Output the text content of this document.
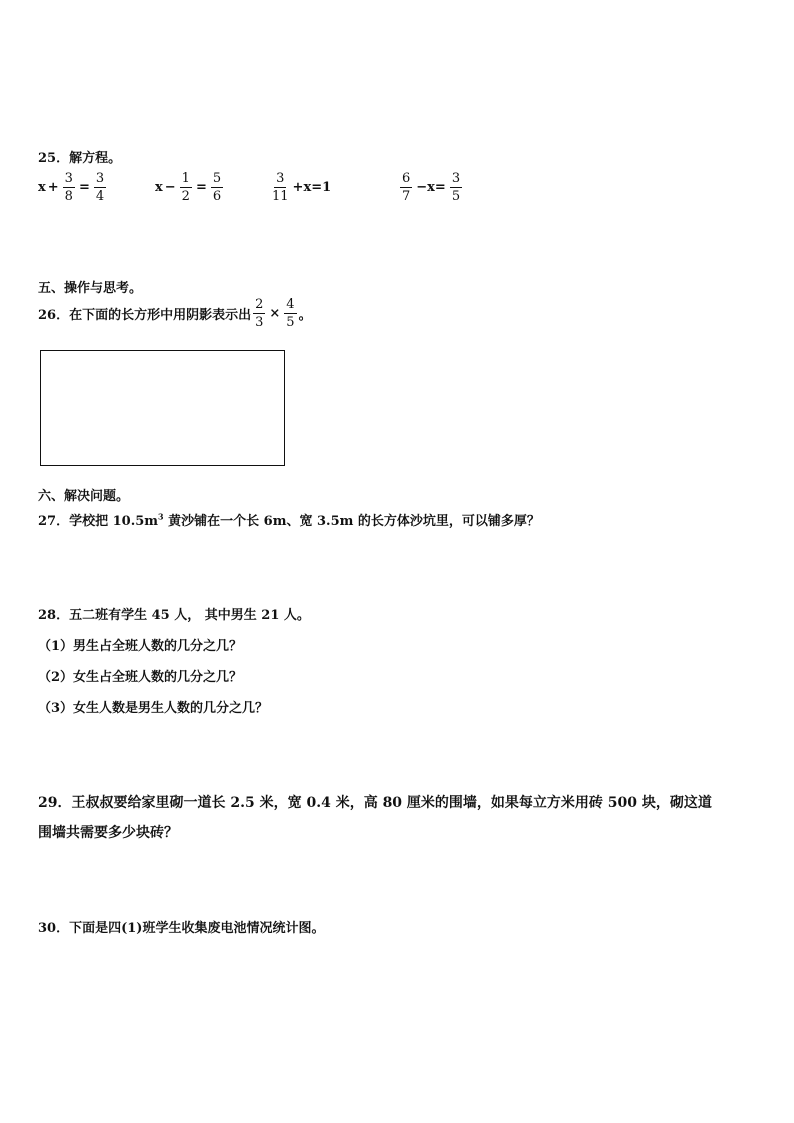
25．解方程。
$x + \frac{3}{8} = \frac{3}{4}$	$x - \frac{1}{2} = \frac{5}{6}$	$\frac{3}{11} +x=1$	$\frac{6}{7} -x= \frac{3}{5}$
五、操作与思考。
26．在下面的长方形中用阴影表示出 $\frac{2}{3} \times \frac{4}{5}$ 。
六、解决问题。
27．学校把 $10.5m^3$ 黄沙铺在一个长 6m、宽 3.5m 的长方体沙坑里，可以铺多厚？
28．五二班有学生 45 人， 其中男生 21 人。
（1）男生占全班人数的几分之几？
（2）女生占全班人数的几分之几？
（3）女生人数是男生人数的几分之几？
29．王叔叔要给家里砌一道长 2.5 米，宽 0.4 米，高 80 厘米的围墙，如果每立方米用砖 500 块，砌这道
围墙共需要多少块砖？
30．下面是四(1)班学生收集废电池情况统计图。
